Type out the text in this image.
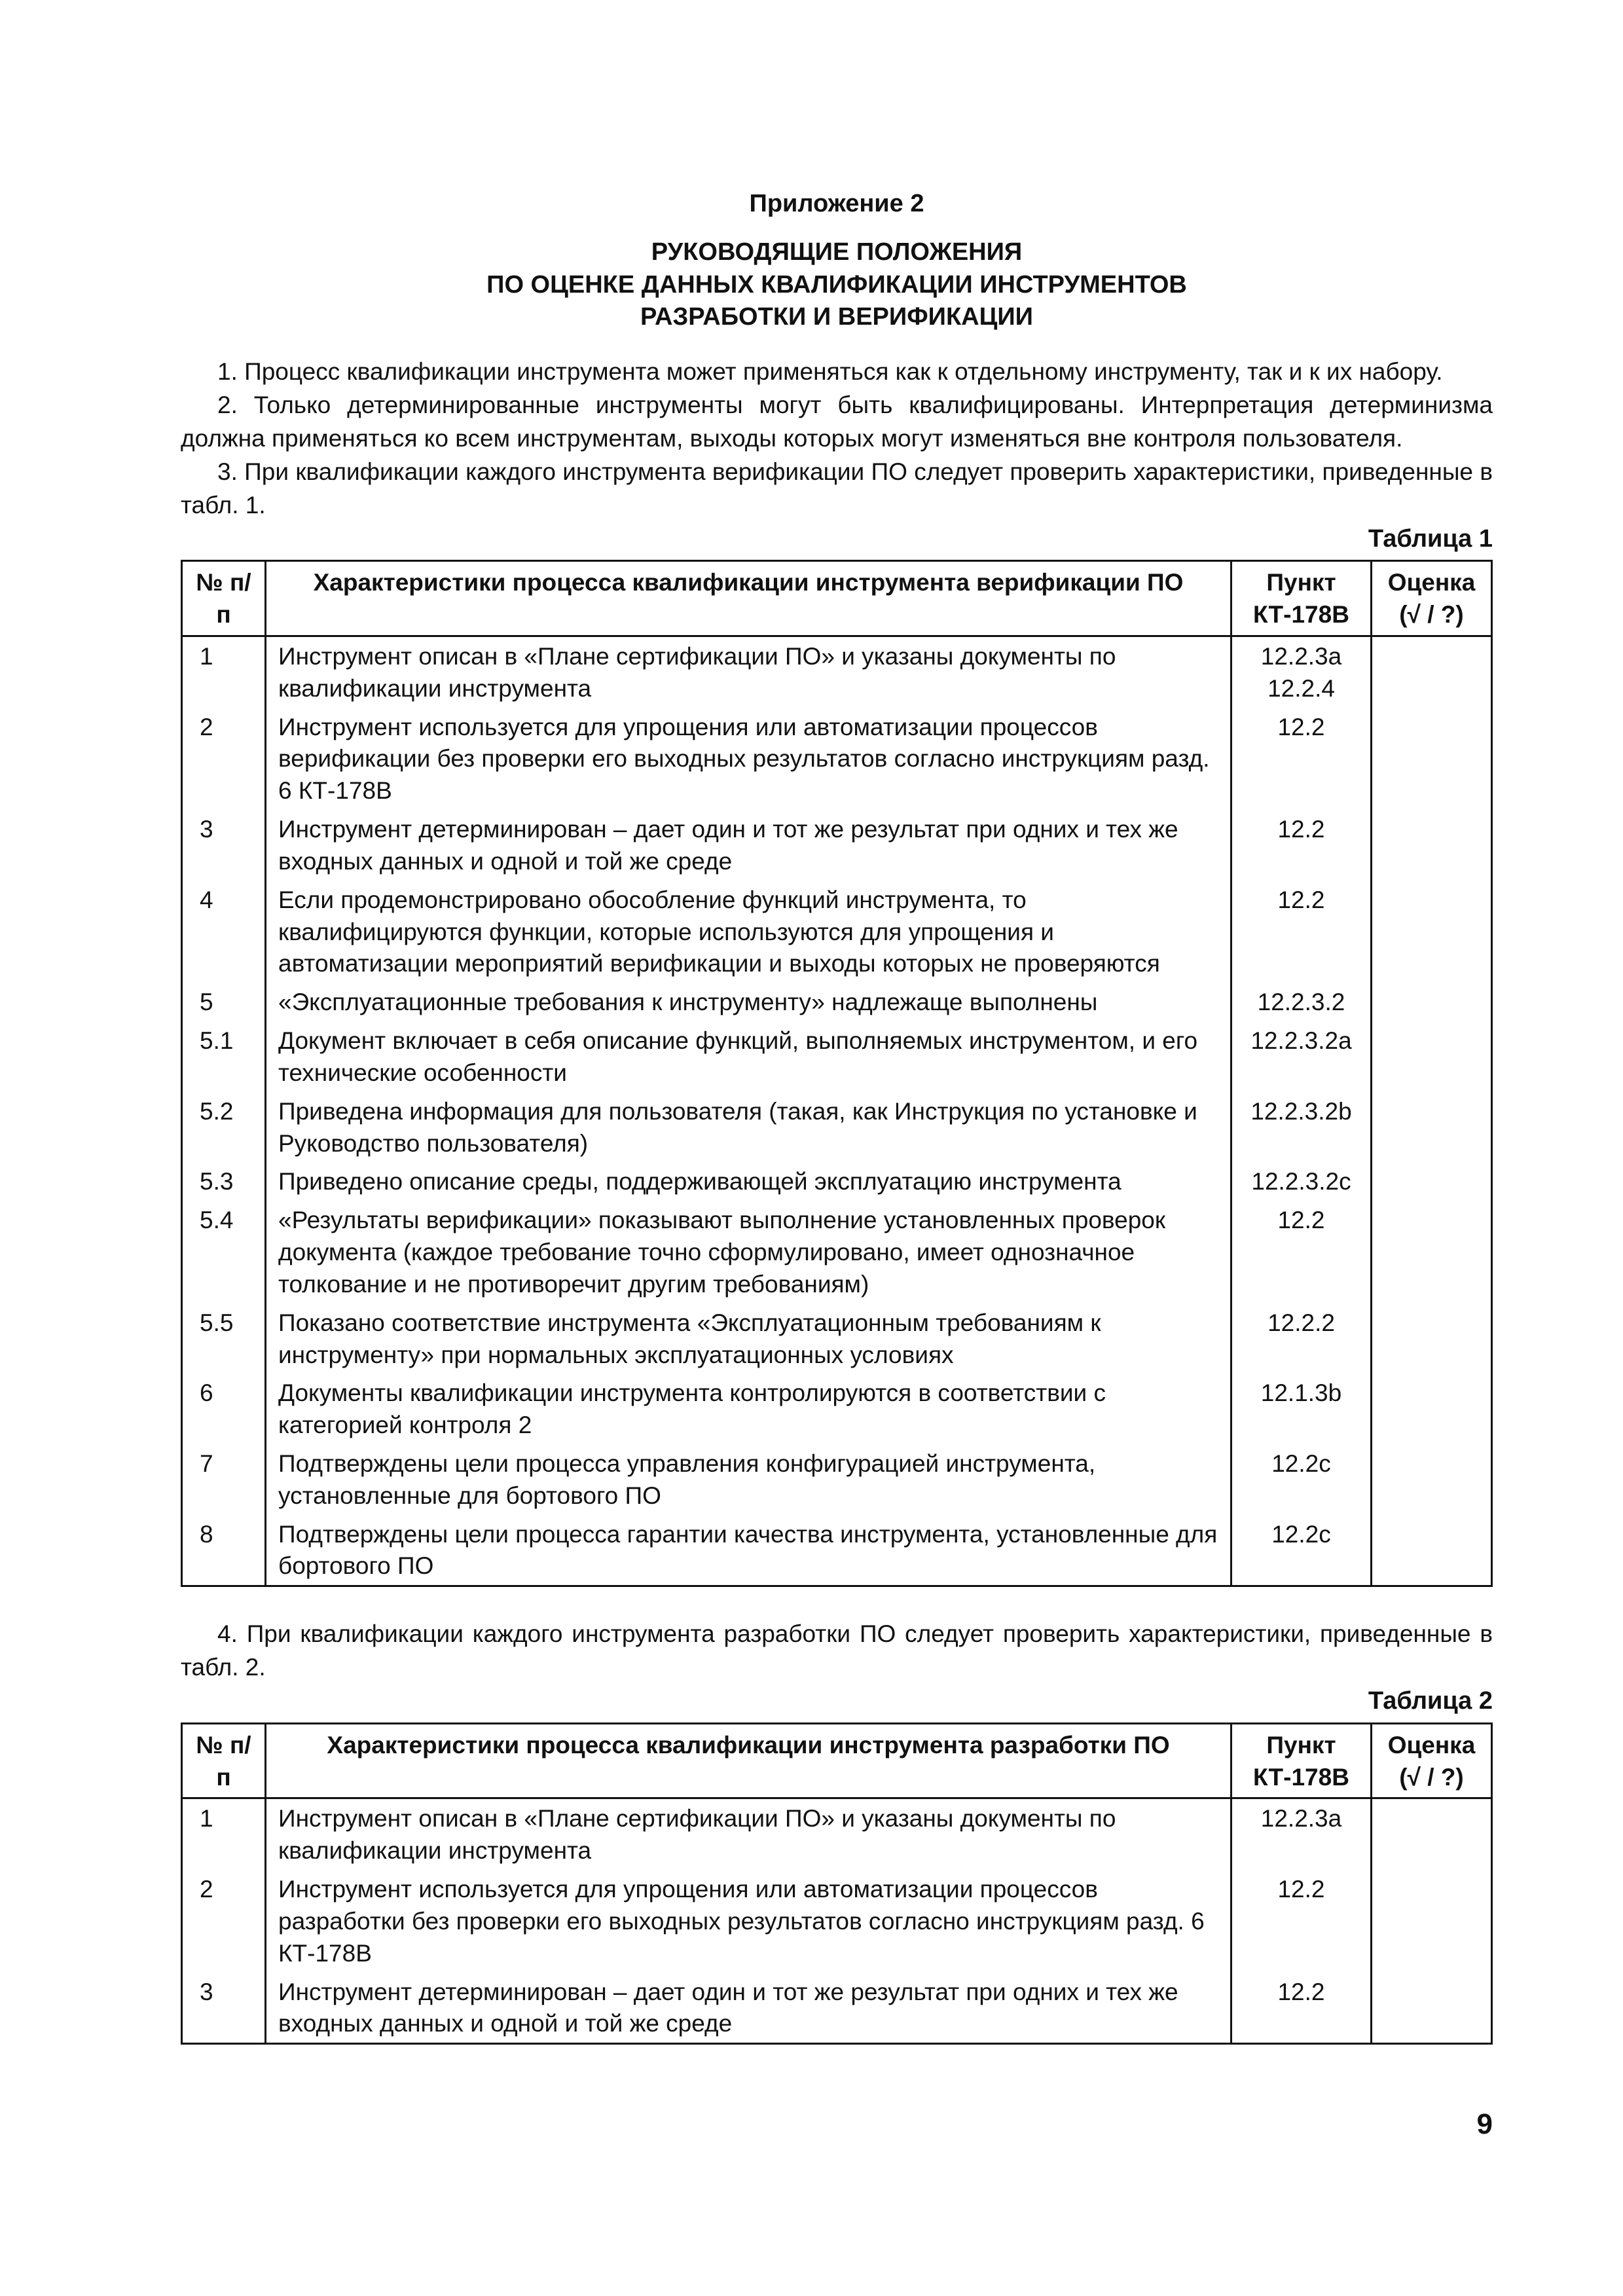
Приложение 2
РУКОВОДЯЩИЕ ПОЛОЖЕНИЯ
ПО ОЦЕНКЕ ДАННЫХ КВАЛИФИКАЦИИ ИНСТРУМЕНТОВ
РАЗРАБОТКИ И ВЕРИФИКАЦИИ

1. Процесс квалификации инструмента может применяться как к отдельному инструменту, так и к их набору.

2. Только детерминированные инструменты могут быть квалифицированы. Интерпретация детерминизма должна применяться ко всем инструментам, выходы которых могут изменяться вне контроля пользователя.

3. При квалификации каждого инструмента верификации ПО следует проверить характеристики, приведенные в табл. 1.

Таблица 1
№ п/п	Характеристики процесса квалификации инструмента верификации ПО	Пункт КТ-178В	Оценка (√ / ?)
1	Инструмент описан в «Плане сертификации ПО» и указаны документы по квалификации инструмента	12.2.3a 12.2.4	
2	Инструмент используется для упрощения или автоматизации процессов верификации без проверки его выходных результатов согласно инструкциям разд. 6 КТ-178В	12.2	
3	Инструмент детерминирован – дает один и тот же результат при одних и тех же входных данных и одной и той же среде	12.2	
4	Если продемонстрировано обособление функций инструмента, то квалифицируются функции, которые используются для упрощения и автоматизации мероприятий верификации и выходы которых не проверяются	12.2	
5	«Эксплуатационные требования к инструменту» надлежаще выполнены	12.2.3.2	
5.1	Документ включает в себя описание функций, выполняемых инструментом, и его технические особенности	12.2.3.2a	
5.2	Приведена информация для пользователя (такая, как Инструкция по установке и Руководство пользователя)	12.2.3.2b	
5.3	Приведено описание среды, поддерживающей эксплуатацию инструмента	12.2.3.2c	
5.4	«Результаты верификации» показывают выполнение установленных проверок документа (каждое требование точно сформулировано, имеет однозначное толкование и не противоречит другим требованиям)	12.2	
5.5	Показано соответствие инструмента «Эксплуатационным требованиям к инструменту» при нормальных эксплуатационных условиях	12.2.2	
6	Документы квалификации инструмента контролируются в соответствии с категорией контроля 2	12.1.3b	
7	Подтверждены цели процесса управления конфигурацией инструмента, установленные для бортового ПО	12.2c	
8	Подтверждены цели процесса гарантии качества инструмента, установленные для бортового ПО	12.2c	

4. При квалификации каждого инструмента разработки ПО следует проверить характеристики, приведенные в табл. 2.

Таблица 2
№ п/п	Характеристики процесса квалификации инструмента разработки ПО	Пункт КТ-178В	Оценка (√ / ?)
1	Инструмент описан в «Плане сертификации ПО» и указаны документы по квалификации инструмента	12.2.3a	
2	Инструмент используется для упрощения или автоматизации процессов разработки без проверки его выходных результатов согласно инструкциям разд. 6 КТ-178В	12.2	
3	Инструмент детерминирован – дает один и тот же результат при одних и тех же входных данных и одной и той же среде	12.2	
9
